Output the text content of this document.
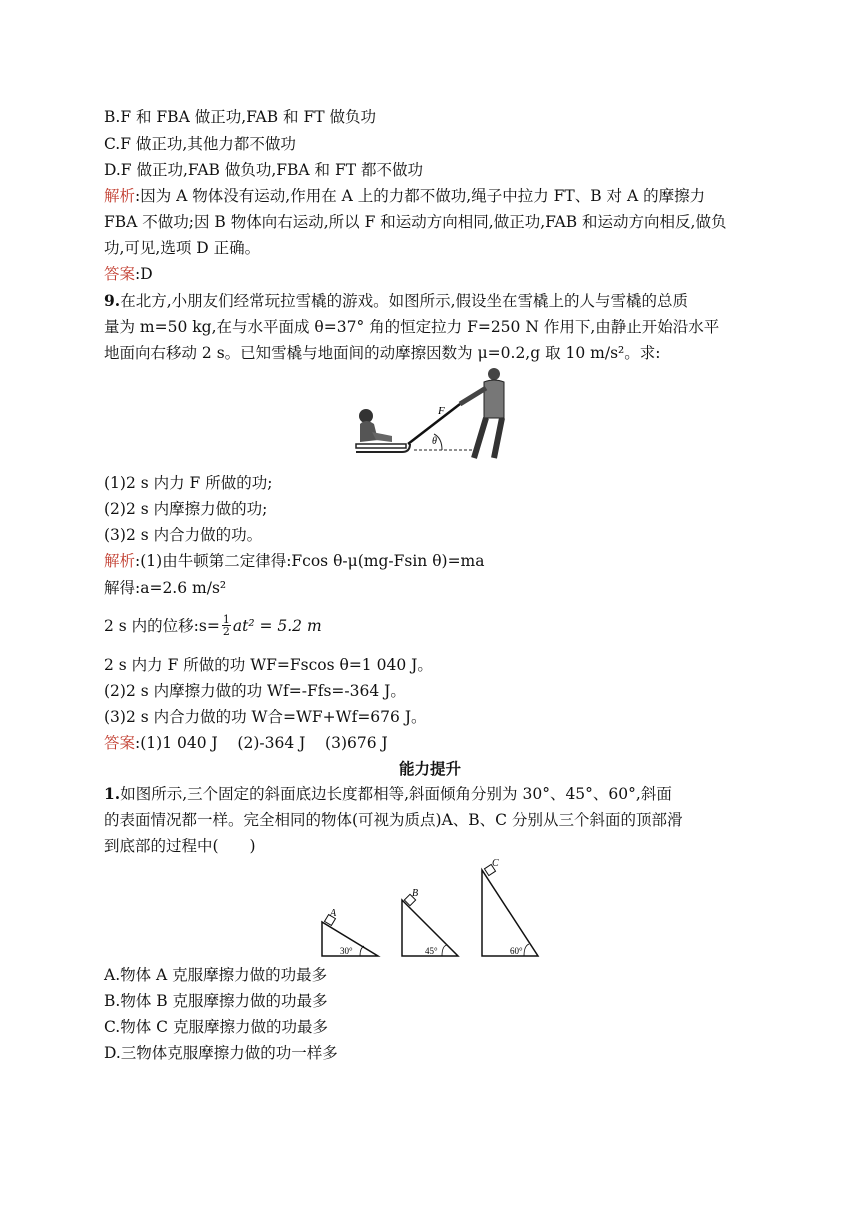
B.F 和 FBA 做正功,FAB 和 FT 做负功
C.F 做正功,其他力都不做功
D.F 做正功,FAB 做负功,FBA 和 FT 都不做功
解析:因为 A 物体没有运动,作用在 A 上的力都不做功,绳子中拉力 FT、B 对 A 的摩擦力
FBA 不做功;因 B 物体向右运动,所以 F 和运动方向相同,做正功,FAB 和运动方向相反,做负
功,可见,选项 D 正确。
答案:D
9.在北方,小朋友们经常玩拉雪橇的游戏。如图所示,假设坐在雪橇上的人与雪橇的总质
量为 m=50 kg,在与水平面成 θ=37° 角的恒定拉力 F=250 N 作用下,由静止开始沿水平
地面向右移动 2 s。已知雪橇与地面间的动摩擦因数为 μ=0.2,g 取 10 m/s²。求:
F
θ
(1)2 s 内力 F 所做的功;
(2)2 s 内摩擦力做的功;
(3)2 s 内合力做的功。
解析:(1)由牛顿第二定律得:Fcos θ-μ(mg-Fsin θ)=ma
解得:a=2.6 m/s²
2 s 内的位移:s= $\frac{1}{2} at^2 = 5.2$ m
2 s 内力 F 所做的功 WF=Fscos θ=1 040 J。
(2)2 s 内摩擦力做的功 Wf=-Ffs=-364 J。
(3)2 s 内合力做的功 W合=WF+Wf=676 J。
答案:(1)1 040 J    (2)-364 J    (3)676 J
能力提升
1.如图所示,三个固定的斜面底边长度都相等,斜面倾角分别为 30°、45°、60°,斜面
的表面情况都一样。完全相同的物体(可视为质点)A、B、C 分别从三个斜面的顶部滑
到底部的过程中(　　)
A
30°
B
45°
C
60°
A.物体 A 克服摩擦力做的功最多
B.物体 B 克服摩擦力做的功最多
C.物体 C 克服摩擦力做的功最多
D.三物体克服摩擦力做的功一样多
